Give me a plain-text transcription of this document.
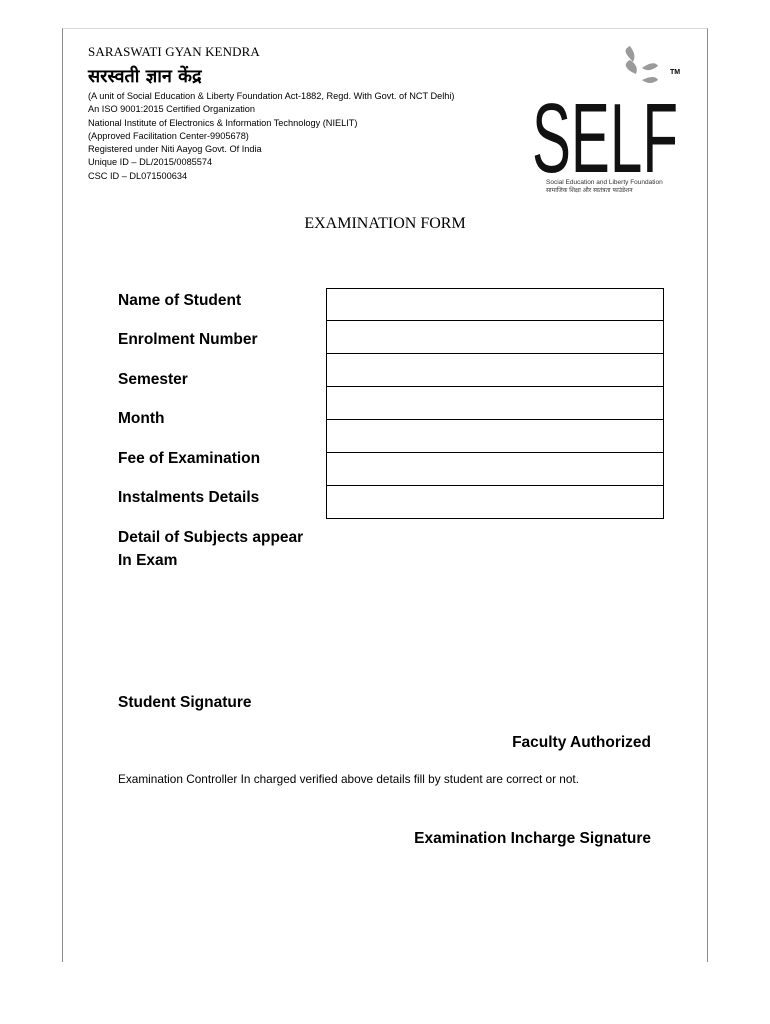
SARASWATI GYAN KENDRA
सरस्वती ज्ञान केंद्र
(A unit of Social Education & Liberty Foundation Act-1882, Regd. With Govt. of NCT Delhi)
An ISO 9001:2015 Certified Organization
National Institute of Electronics & Information Technology (NIELIT)
(Approved Facilitation Center-9905678)
Registered under Niti Aayog Govt. Of India
Unique ID – DL/2015/0085574
CSC ID – DL071500634
TM
SELF
Social Education and Liberty Foundation
सामाजिक शिक्षा और स्वतंत्रता फाउंडेशन
EXAMINATION FORM
Name of Student
Enrolment Number
Semester
Month
Fee of Examination
Instalments Details
Detail of Subjects appear
In Exam
Student Signature
Faculty Authorized
Examination Controller In charged verified above details fill by student are correct or not.
Examination Incharge Signature
